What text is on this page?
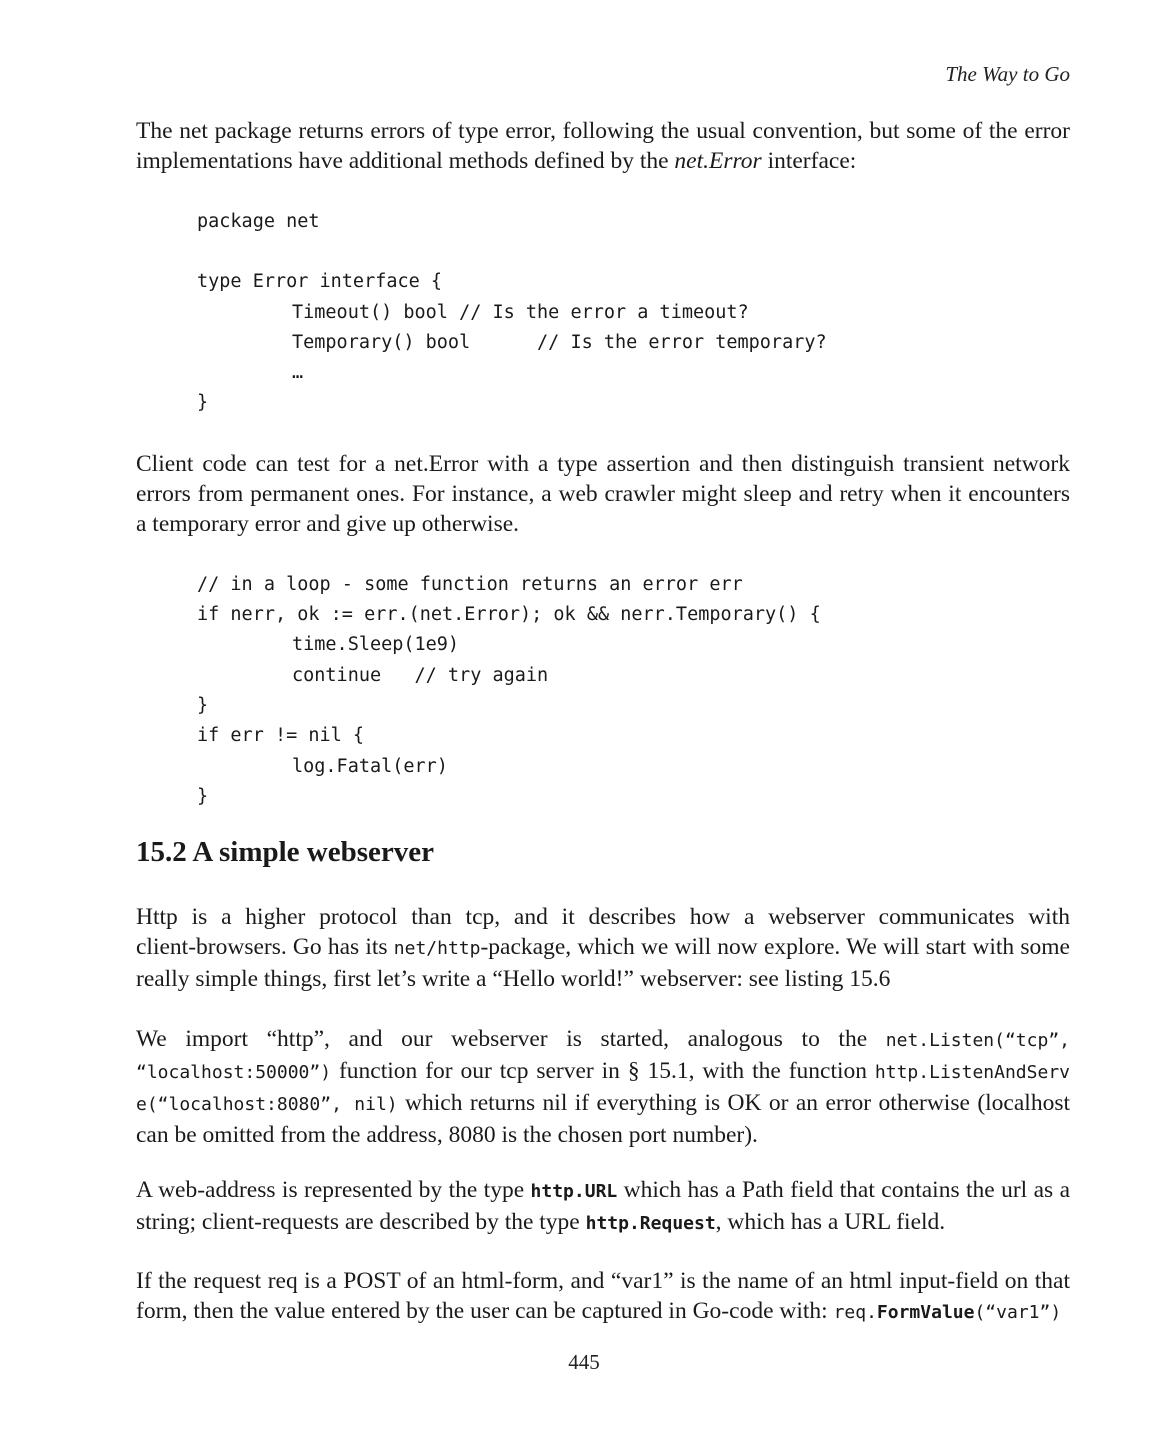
The Way to Go
The net package returns errors of type error, following the usual convention, but some of the error
implementations have additional methods defined by the net.Error interface:
package net
type Error interface {
Timeout() bool // Is the error a timeout?
Temporary() bool      // Is the error temporary?
…
}
Client code can test for a net.Error with a type assertion and then distinguish transient network
errors from permanent ones. For instance, a web crawler might sleep and retry when it encounters
a temporary error and give up otherwise.
// in a loop - some function returns an error err
if nerr, ok := err.(net.Error); ok && nerr.Temporary() {
time.Sleep(1e9)
continue   // try again
}
if err != nil {
log.Fatal(err)
}
15.2 A simple webserver
Http is a higher protocol than tcp, and it describes how a webserver communicates with
client-browsers. Go has its net/http-package, which we will now explore. We will start with some
really simple things, first let’s write a “Hello world!” webserver: see listing 15.6
We import “http”, and our webserver is started, analogous to the net.Listen(“tcp”,
“localhost:50000”) function for our tcp server in § 15.1, with the function http.ListenAndServ
e(“localhost:8080”, nil) which returns nil if everything is OK or an error otherwise (localhost
can be omitted from the address, 8080 is the chosen port number).
A web-address is represented by the type http.URL which has a Path field that contains the url as a
string; client-requests are described by the type http.Request, which has a URL field.
If the request req is a POST of an html-form, and “var1” is the name of an html input-field on that
form, then the value entered by the user can be captured in Go-code with: req.FormValue(“var1”)
445
